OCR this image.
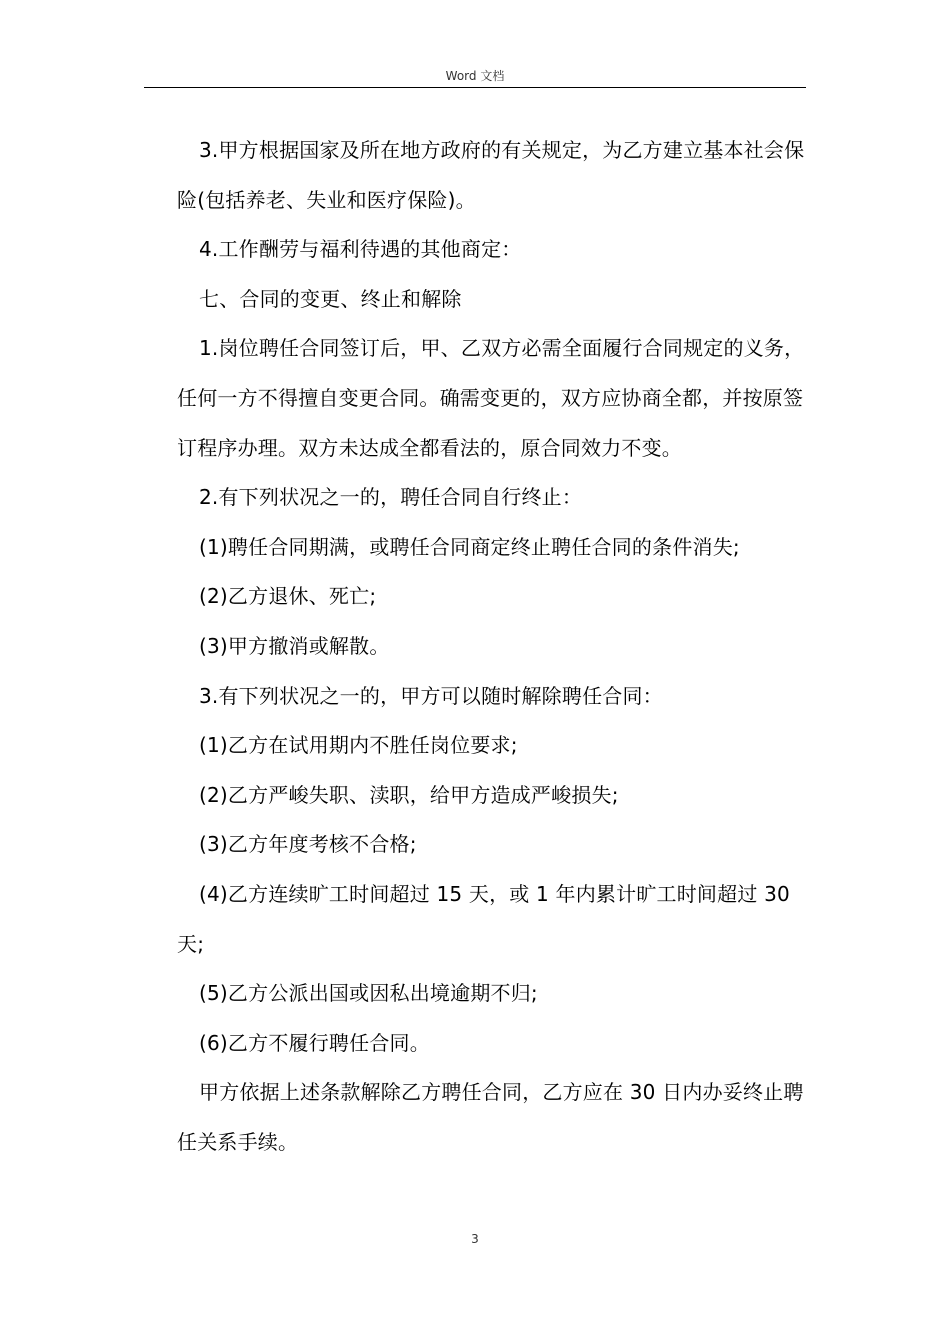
Word 文档

3.甲方根据国家及所在地方政府的有关规定，为乙方建立基本社会保险(包括养老、失业和医疗保险)。

4.工作酬劳与福利待遇的其他商定：

七、合同的变更、终止和解除

1.岗位聘任合同签订后，甲、乙双方必需全面履行合同规定的义务，任何一方不得擅自变更合同。确需变更的，双方应协商全都，并按原签订程序办理。双方未达成全都看法的，原合同效力不变。

2.有下列状况之一的，聘任合同自行终止：

(1)聘任合同期满，或聘任合同商定终止聘任合同的条件消失;

(2)乙方退休、死亡;

(3)甲方撤消或解散。

3.有下列状况之一的，甲方可以随时解除聘任合同：

(1)乙方在试用期内不胜任岗位要求;

(2)乙方严峻失职、渎职，给甲方造成严峻损失;

(3)乙方年度考核不合格;

(4)乙方连续旷工时间超过 15 天，或 1 年内累计旷工时间超过 30 天;

(5)乙方公派出国或因私出境逾期不归;

(6)乙方不履行聘任合同。

甲方依据上述条款解除乙方聘任合同，乙方应在 30 日内办妥终止聘任关系手续。

3
